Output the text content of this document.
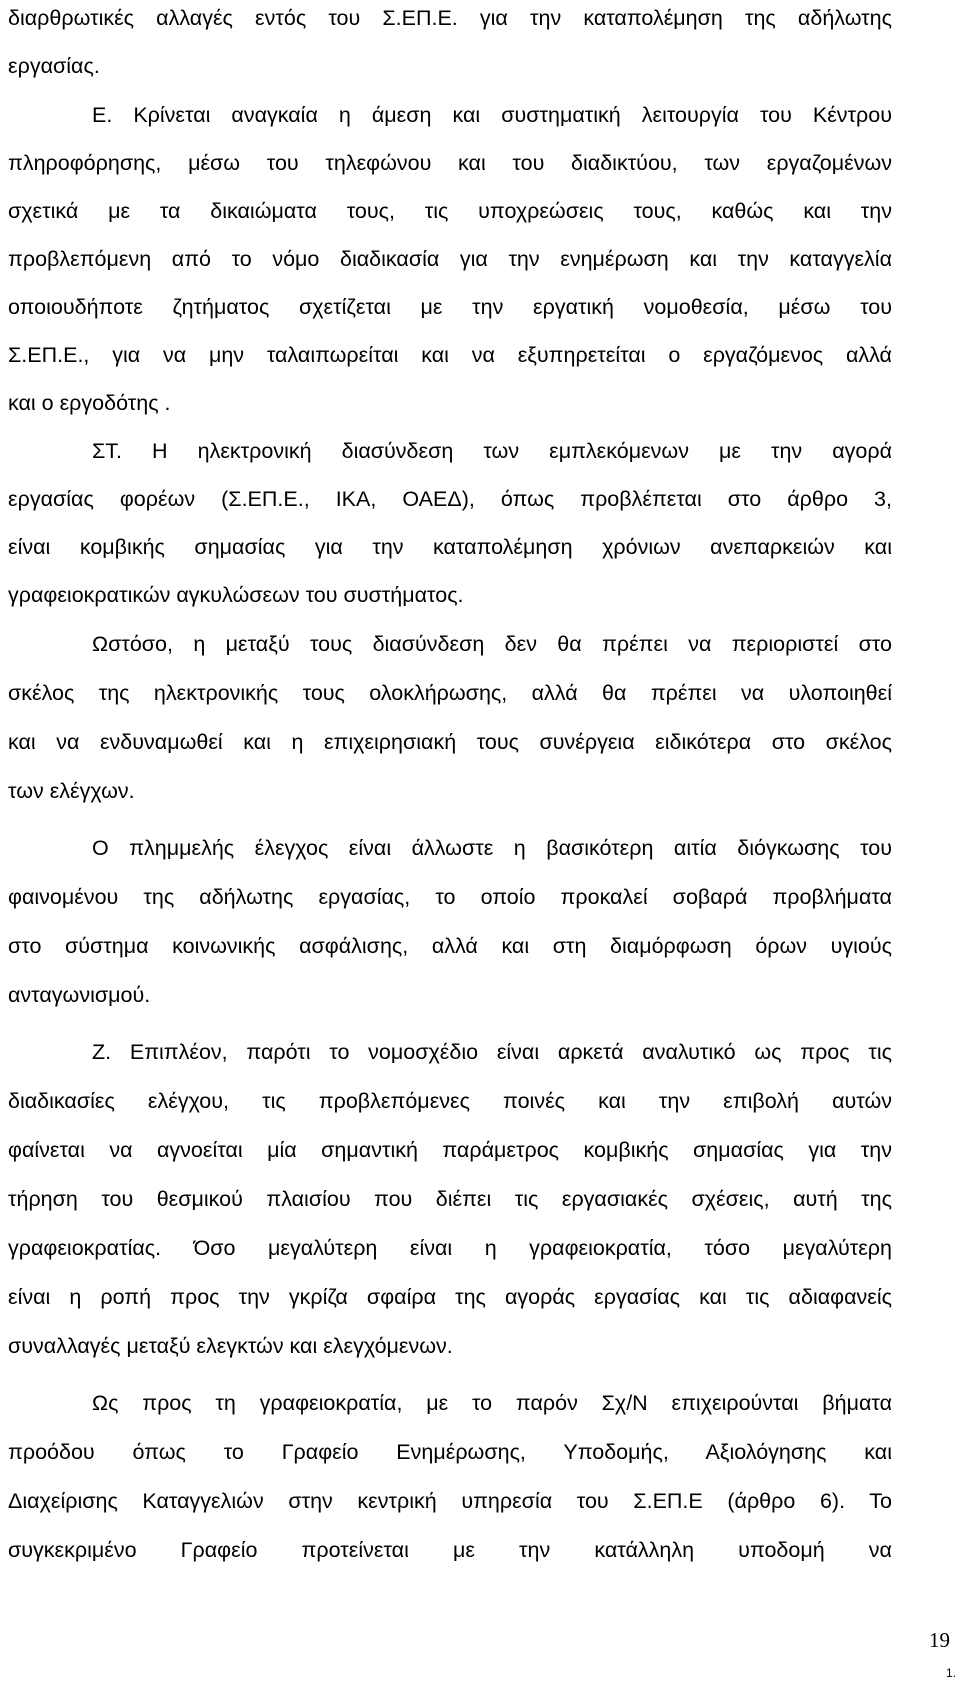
διαρθρωτικές αλλαγές εντός του Σ.ΕΠ.Ε. για την καταπολέμηση της αδήλωτης
εργασίας.
Ε. Κρίνεται αναγκαία η άμεση και συστηματική λειτουργία του Κέντρου
πληροφόρησης, μέσω του τηλεφώνου και του διαδικτύου, των εργαζομένων
σχετικά με τα δικαιώματα τους, τις υποχρεώσεις τους, καθώς και την
προβλεπόμενη από το νόμο διαδικασία για την ενημέρωση και την καταγγελία
οποιουδήποτε ζητήματος σχετίζεται με την εργατική νομοθεσία, μέσω του
Σ.ΕΠ.Ε., για να μην ταλαιπωρείται και να εξυπηρετείται ο εργαζόμενος αλλά
και ο εργοδότης .
ΣΤ. Η ηλεκτρονική διασύνδεση των εμπλεκόμενων με την αγορά
εργασίας φορέων (Σ.ΕΠ.Ε., ΙΚΑ, ΟΑΕΔ), όπως προβλέπεται στο άρθρο 3,
είναι κομβικής σημασίας για την καταπολέμηση χρόνιων ανεπαρκειών και
γραφειοκρατικών αγκυλώσεων του συστήματος.
Ωστόσο, η μεταξύ τους διασύνδεση δεν θα πρέπει να περιοριστεί στο
σκέλος της ηλεκτρονικής τους ολοκλήρωσης, αλλά θα πρέπει να υλοποιηθεί
και να ενδυναμωθεί και η επιχειρησιακή τους συνέργεια ειδικότερα στο σκέλος
των ελέγχων.
Ο πλημμελής έλεγχος είναι άλλωστε η βασικότερη αιτία διόγκωσης του
φαινομένου της αδήλωτης εργασίας, το οποίο προκαλεί σοβαρά προβλήματα
στο σύστημα κοινωνικής ασφάλισης, αλλά και στη διαμόρφωση όρων υγιούς
ανταγωνισμού.
Ζ. Επιπλέον, παρότι το νομοσχέδιο είναι αρκετά αναλυτικό ως προς τις
διαδικασίες ελέγχου, τις προβλεπόμενες ποινές και την επιβολή αυτών
φαίνεται να αγνοείται μία σημαντική παράμετρος κομβικής σημασίας για την
τήρηση του θεσμικού πλαισίου που διέπει τις εργασιακές σχέσεις, αυτή της
γραφειοκρατίας. Όσο μεγαλύτερη είναι η γραφειοκρατία, τόσο μεγαλύτερη
είναι η ροπή προς την γκρίζα σφαίρα της αγοράς εργασίας και τις αδιαφανείς
συναλλαγές μεταξύ ελεγκτών και ελεγχόμενων.
Ως προς τη γραφειοκρατία, με το παρόν Σχ/Ν επιχειρούνται βήματα
προόδου όπως το Γραφείο Ενημέρωσης, Υποδομής, Αξιολόγησης και
Διαχείρισης Καταγγελιών στην κεντρική υπηρεσία του Σ.ΕΠ.Ε (άρθρο 6). Το
συγκεκριμένο Γραφείο προτείνεται με την κατάλληλη υποδομή να
19
1.
